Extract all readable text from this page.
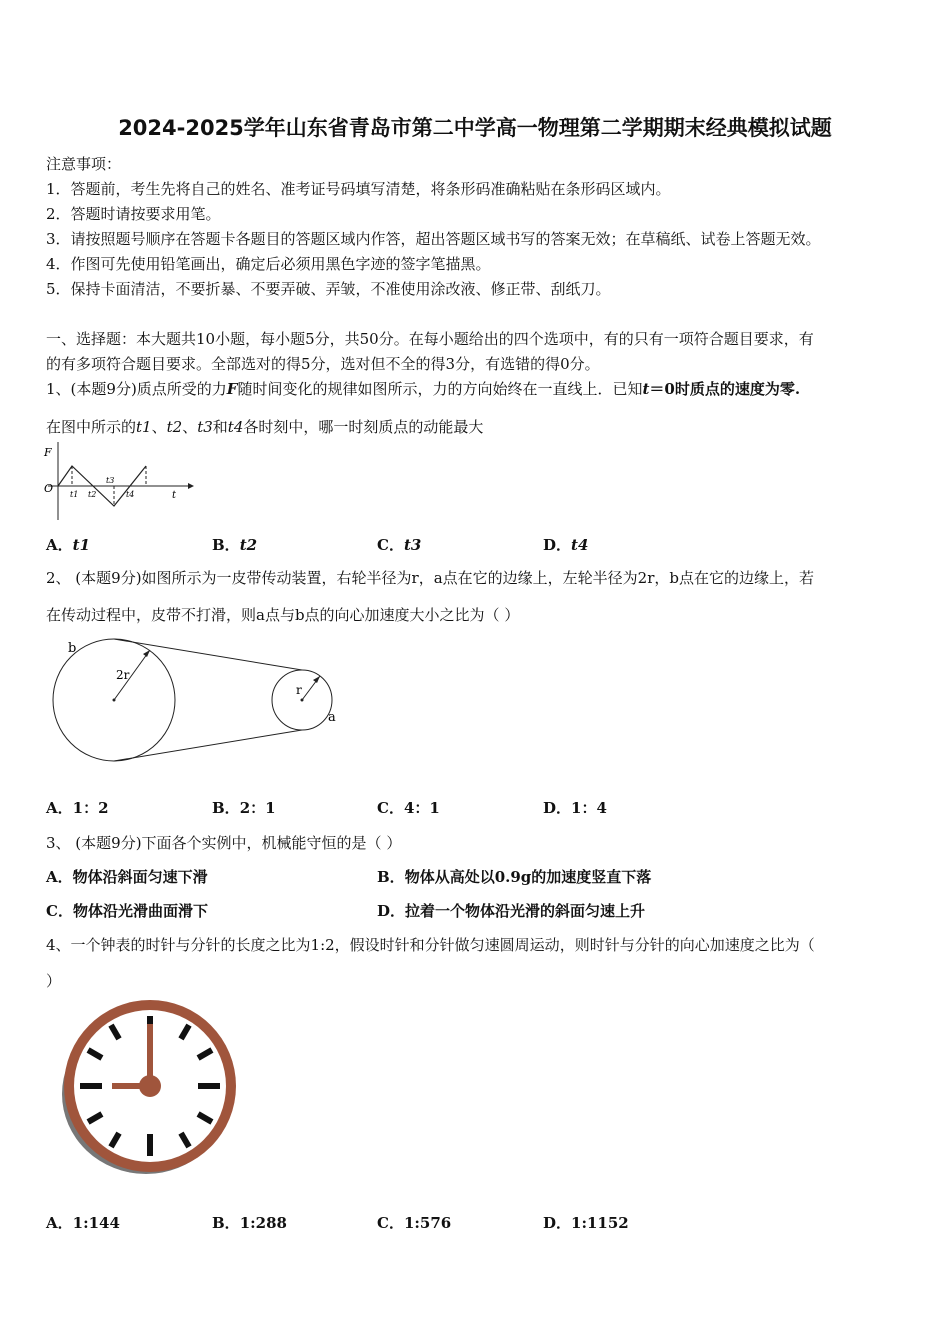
2024-2025学年山东省青岛市第二中学高一物理第二学期期末经典模拟试题
注意事项：
1．答题前，考生先将自己的姓名、准考证号码填写清楚，将条形码准确粘贴在条形码区域内。
2．答题时请按要求用笔。
3．请按照题号顺序在答题卡各题目的答题区域内作答，超出答题区域书写的答案无效；在草稿纸、试卷上答题无效。
4．作图可先使用铅笔画出，确定后必须用黑色字迹的签字笔描黑。
5．保持卡面清洁，不要折暴、不要弄破、弄皱，不准使用涂改液、修正带、刮纸刀。
一、选择题：本大题共10小题，每小题5分，共50分。在每小题给出的四个选项中，有的只有一项符合题目要求，有
的有多项符合题目要求。全部选对的得5分，选对但不全的得3分，有选错的得0分。
1、(本题9分)质点所受的力F随时间变化的规律如图所示，力的方向始终在一直线上．已知t＝0时质点的速度为零.
在图中所示的t1、t2、t3和t4各时刻中，哪一时刻质点的动能最大
F
O
t
t1 t2
t3
t4
A．t1	B．t2	C．t3	D．t4
2、 (本题9分)如图所示为一皮带传动装置，右轮半径为r，a点在它的边缘上，左轮半径为2r，b点在它的边缘上，若
在传动过程中，皮带不打滑，则a点与b点的向心加速度大小之比为（ ）
b
2r
r
a
A．1：2	B．2：1	C．4：1	D．1：4
3、 (本题9分)下面各个实例中，机械能守恒的是（ ）
A．物体沿斜面匀速下滑	B．物体从高处以0.9g的加速度竖直下落
C．物体沿光滑曲面滑下	D．拉着一个物体沿光滑的斜面匀速上升
4、一个钟表的时针与分针的长度之比为1:2，假设时针和分针做匀速圆周运动，则时针与分针的向心加速度之比为（
）
A．1:144	B．1:288	C．1:576	D．1:1152
